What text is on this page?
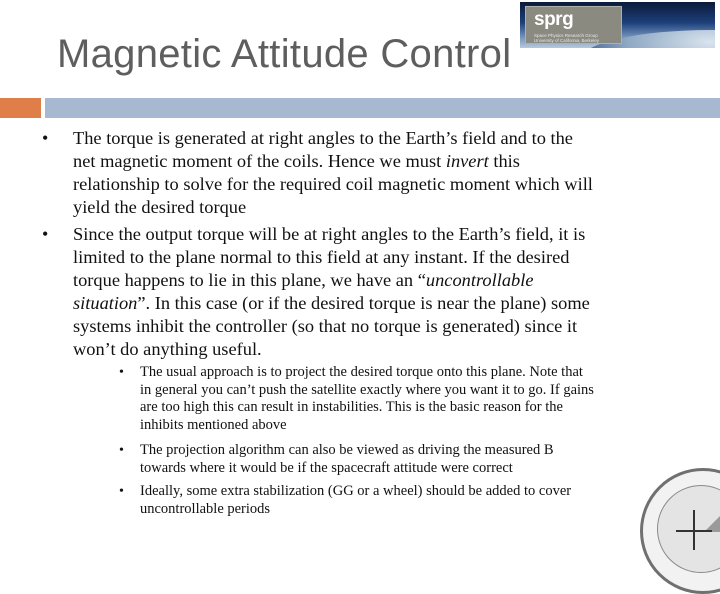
Magnetic Attitude Control
sprg
Space Physics Research Group
University of California, Berkeley
• The torque is generated at right angles to the Earth’s field and to the
net magnetic moment of the coils. Hence we must invert this
relationship to solve for the required coil magnetic moment which will
yield the desired torque
• Since the output torque will be at right angles to the Earth’s field, it is
limited to the plane normal to this field at any instant. If the desired
torque happens to lie in this plane, we have an “uncontrollable
situation”. In this case (or if the desired torque is near the plane) some
systems inhibit the controller (so that no torque is generated) since it
won’t do anything useful.
• The usual approach is to project the desired torque onto this plane. Note that
in general you can’t push the satellite exactly where you want it to go. If gains
are too high this can result in instabilities. This is the basic reason for the
inhibits mentioned above
• The projection algorithm can also be viewed as driving the measured B
towards where it would be if the spacecraft attitude were correct
• Ideally, some extra stabilization (GG or a wheel) should be added to cover
uncontrollable periods
